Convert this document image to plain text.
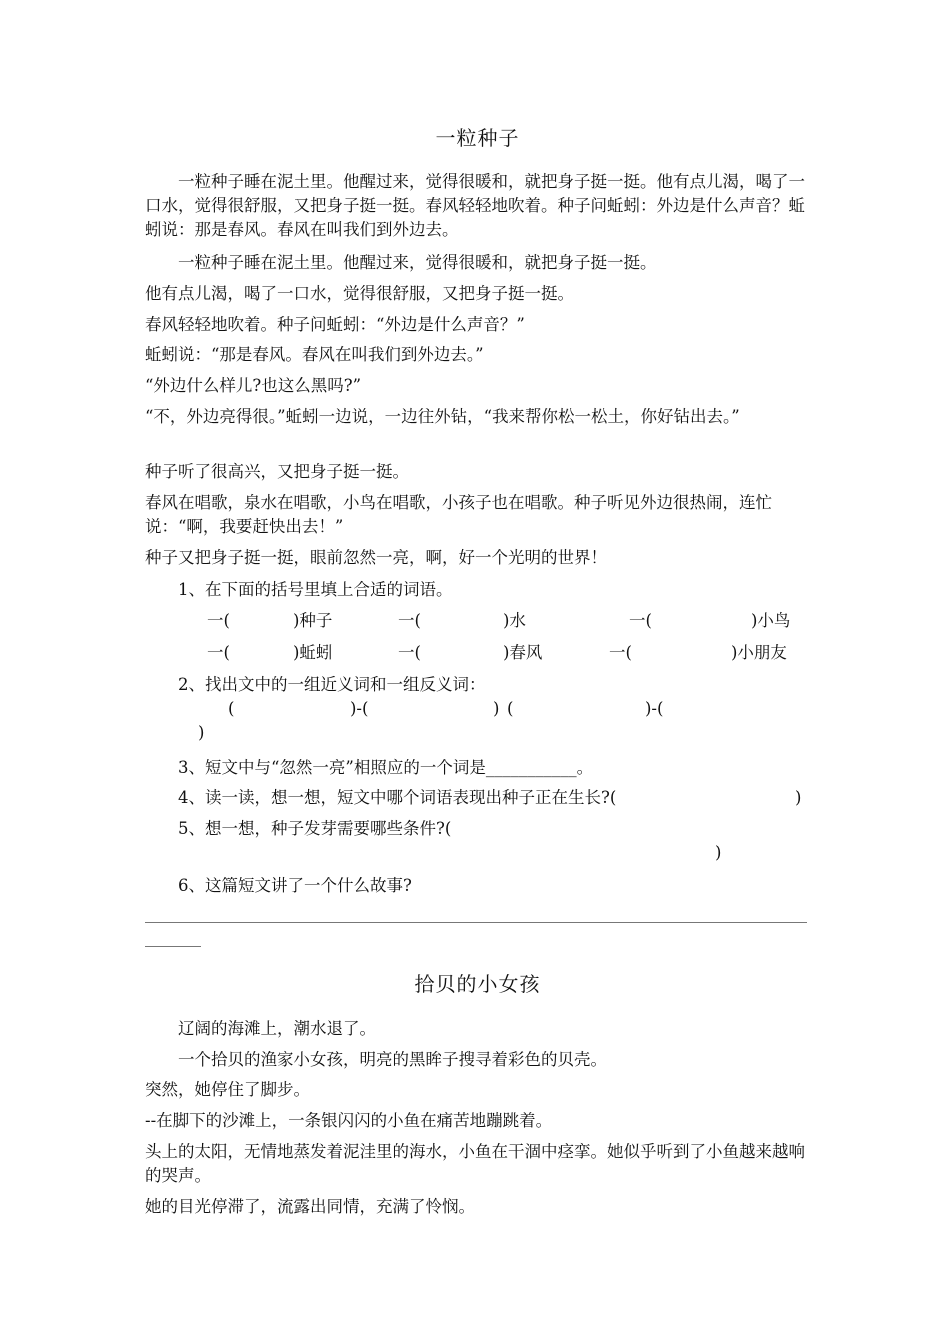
一粒种子
一粒种子睡在泥土里。他醒过来，觉得很暖和，就把身子挺一挺。他有点儿渴，喝了一口水，觉得很舒服，又把身子挺一挺。春风轻轻地吹着。种子问蚯蚓：外边是什么声音？蚯蚓说：那是春风。春风在叫我们到外边去。
一粒种子睡在泥土里。他醒过来，觉得很暖和，就把身子挺一挺。
他有点儿渴，喝了一口水，觉得很舒服，又把身子挺一挺。
春风轻轻地吹着。种子问蚯蚓：“外边是什么声音？”
蚯蚓说：“那是春风。春风在叫我们到外边去。”
“外边什么样儿?也这么黑吗?”
“不，外边亮得很。”蚯蚓一边说，一边往外钻，“我来帮你松一松土，你好钻出去。”
种子听了很高兴，又把身子挺一挺。
春风在唱歌，泉水在唱歌，小鸟在唱歌，小孩子也在唱歌。种子听见外边很热闹，连忙说：“啊，我要赶快出去！”
种子又把身子挺一挺，眼前忽然一亮，啊，好一个光明的世界！
1、在下面的括号里填上合适的词语。
一(	)种子	一(	)水	一(	)小鸟
一(	)蚯蚓	一(	)春风	一(	)小朋友
2、找出文中的一组近义词和一组反义词：
(	)-(	) (	)-(
)
3、短文中与“忽然一亮”相照应的一个词是___________。
4、读一读，想一想，短文中哪个词语表现出种子正在生长?(	)
5、想一想，种子发芽需要哪些条件?(
)
6、这篇短文讲了一个什么故事?
拾贝的小女孩
辽阔的海滩上，潮水退了。
一个拾贝的渔家小女孩，明亮的黑眸子搜寻着彩色的贝壳。
突然，她停住了脚步。
--在脚下的沙滩上，一条银闪闪的小鱼在痛苦地蹦跳着。
头上的太阳，无情地蒸发着泥洼里的海水，小鱼在干涸中痉挛。她似乎听到了小鱼越来越响的哭声。
她的目光停滞了，流露出同情，充满了怜悯。
